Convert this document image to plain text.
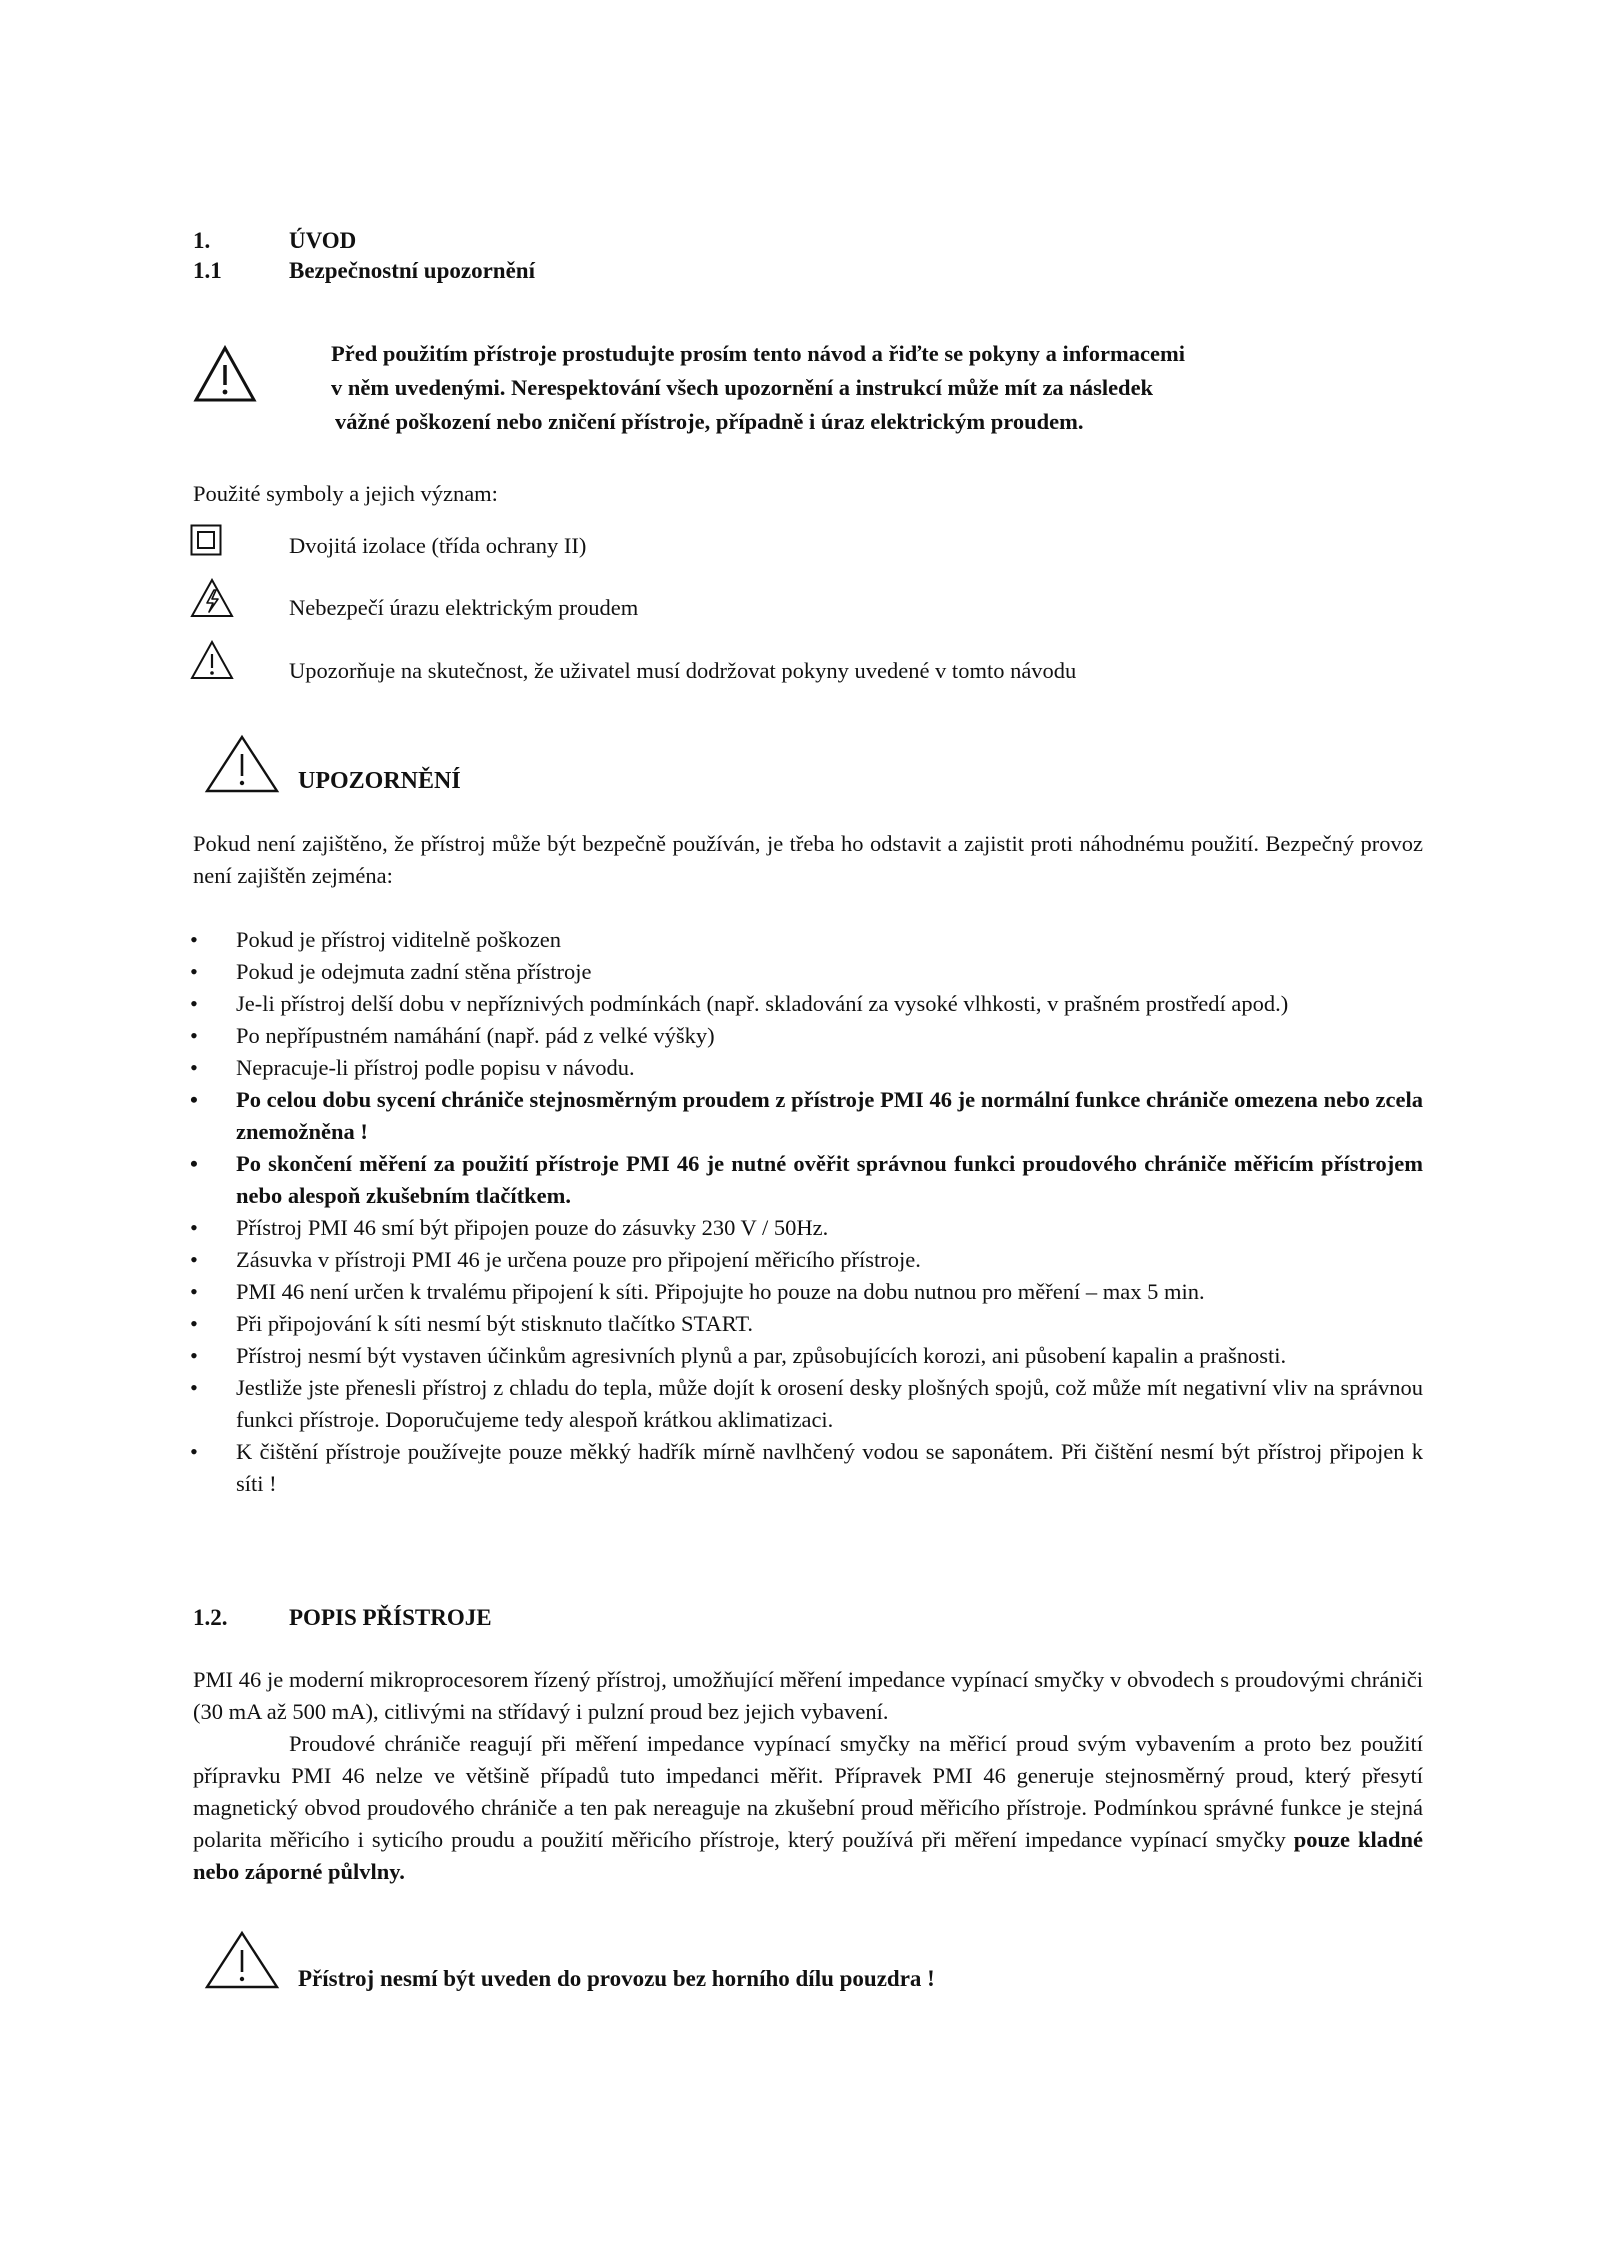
1.	ÚVOD
1.1	Bezpečnostní upozornění
Před použitím přístroje prostudujte prosím tento návod a řiďte se pokyny a informacemi
v něm uvedenými. Nerespektování všech upozornění a instrukcí může mít za následek
vážné poškození nebo zničení přístroje, případně i úraz elektrickým proudem.
Použité symboly a jejich význam:
Dvojitá izolace (třída ochrany II)
Nebezpečí úrazu elektrickým proudem
Upozorňuje na skutečnost, že uživatel musí dodržovat pokyny uvedené v tomto návodu
UPOZORNĚNÍ
Pokud není zajištěno, že přístroj může být bezpečně používán, je třeba ho odstavit a zajistit proti náhodnému použití. Bezpečný provoz není zajištěn zejména:
• Pokud je přístroj viditelně poškozen
• Pokud je odejmuta zadní stěna přístroje
• Je-li přístroj delší dobu v nepříznivých podmínkách (např. skladování za vysoké vlhkosti, v prašném prostředí apod.)
• Po nepřípustném namáhání (např. pád z velké výšky)
• Nepracuje-li přístroj podle popisu v návodu.
• Po celou dobu sycení chrániče stejnosměrným proudem z přístroje PMI 46 je normální funkce chrániče omezena nebo zcela znemožněna !
• Po skončení měření za použití přístroje PMI 46 je nutné ověřit správnou funkci proudového chrániče měřicím přístrojem nebo alespoň zkušebním tlačítkem.
• Přístroj PMI 46 smí být připojen pouze do zásuvky 230 V / 50Hz.
• Zásuvka v přístroji PMI 46 je určena pouze pro připojení měřicího přístroje.
• PMI 46 není určen k trvalému připojení k síti. Připojujte ho pouze na dobu nutnou pro měření – max 5 min.
• Při připojování k síti nesmí být stisknuto tlačítko START.
• Přístroj nesmí být vystaven účinkům agresivních plynů a par, způsobujících korozi, ani působení kapalin a prašnosti.
• Jestliže jste přenesli přístroj z chladu do tepla, může dojít k orosení desky plošných spojů, což může mít negativní vliv na správnou funkci přístroje. Doporučujeme tedy alespoň krátkou aklimatizaci.
• K čištění přístroje používejte pouze měkký hadřík mírně navlhčený vodou se saponátem. Při čištění nesmí být přístroj připojen k síti !
1.2.	POPIS PŘÍSTROJE
PMI 46 je moderní mikroprocesorem řízený přístroj, umožňující měření impedance vypínací smyčky v obvodech s proudovými chrániči (30 mA až 500 mA), citlivými na střídavý i pulzní proud bez jejich vybavení.
Proudové chrániče reagují při měření impedance vypínací smyčky na měřicí proud svým vybavením a proto bez použití přípravku PMI 46 nelze ve většině případů tuto impedanci měřit. Přípravek PMI 46 generuje stejnosměrný proud, který přesytí magnetický obvod proudového chrániče a ten pak nereaguje na zkušební proud měřicího přístroje. Podmínkou správné funkce je stejná polarita měřicího i syticího proudu a použití měřicího přístroje, který používá při měření impedance vypínací smyčky pouze kladné nebo záporné půlvlny.
Přístroj nesmí být uveden do provozu bez horního dílu pouzdra !
